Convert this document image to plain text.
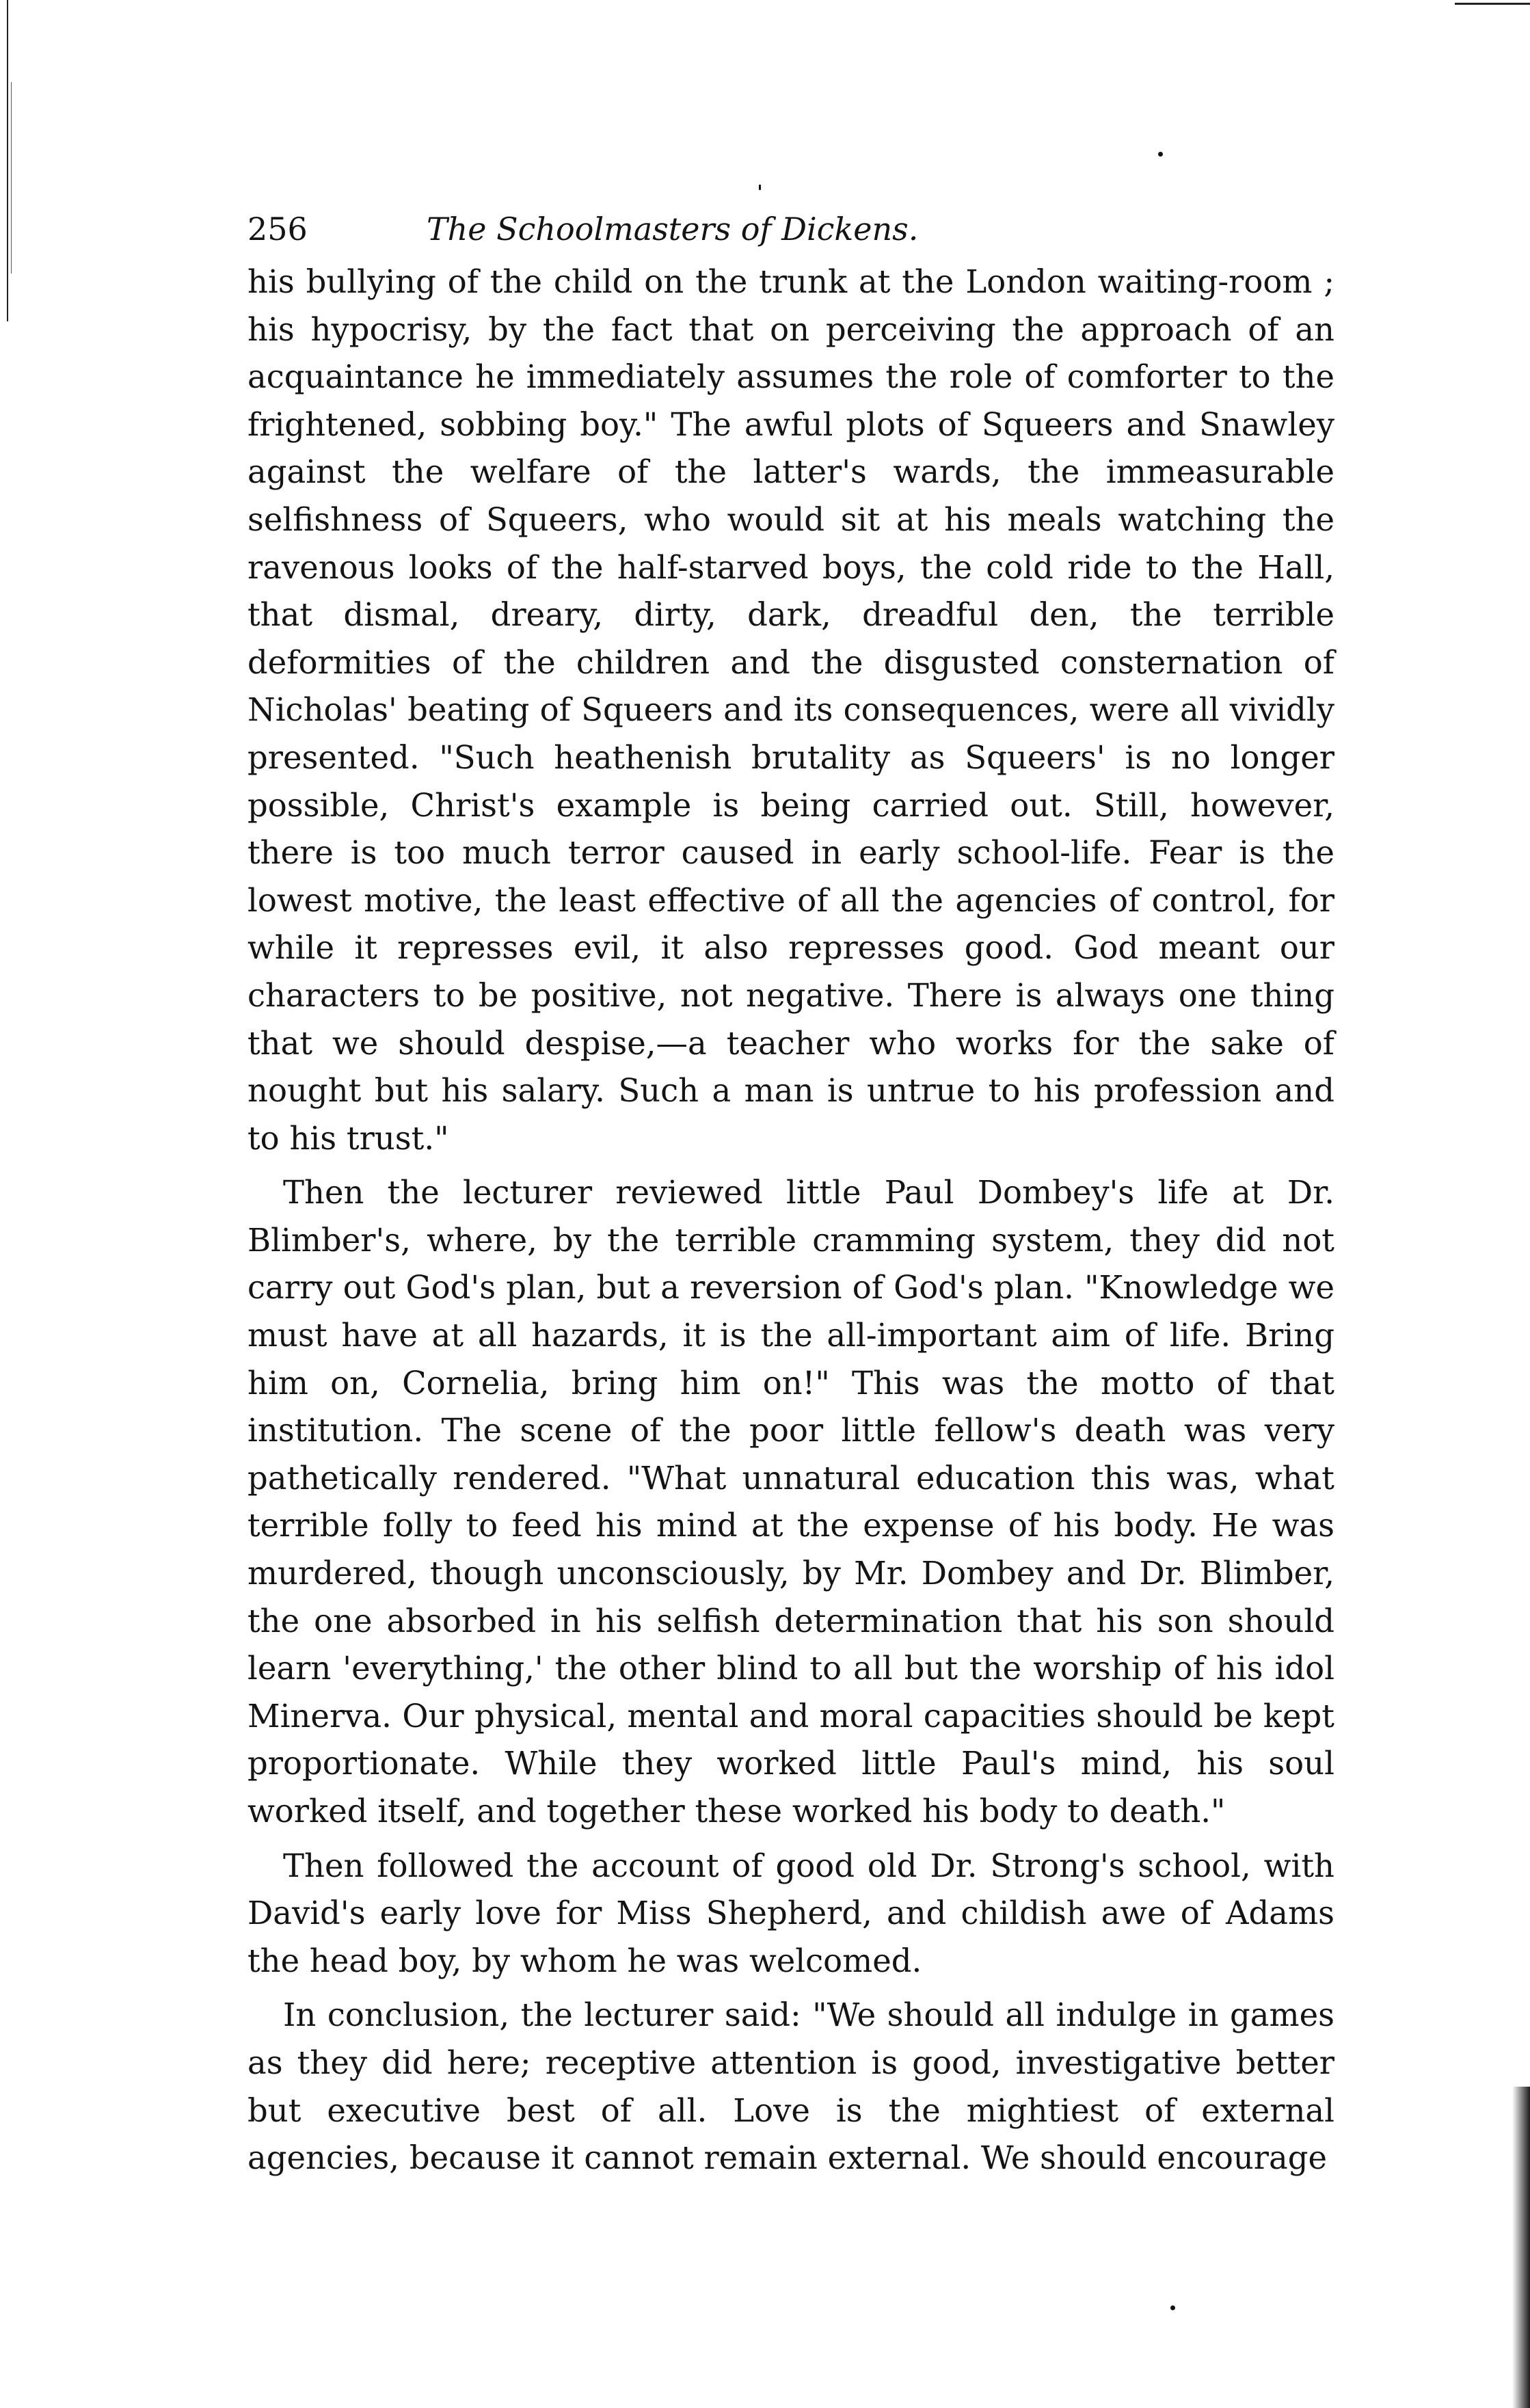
256	The Schoolmasters of Dickens.

his bullying of the child on the trunk at the London waiting-room ; his hypocrisy, by the fact that on perceiving the approach of an acquaintance he immediately assumes the role of comforter to the frightened, sobbing boy." The awful plots of Squeers and Snawley against the welfare of the latter's wards, the immeasurable selfishness of Squeers, who would sit at his meals watching the ravenous looks of the half-starved boys, the cold ride to the Hall, that dismal, dreary, dirty, dark, dreadful den, the terrible deformities of the children and the disgusted consternation of Nicholas' beating of Squeers and its consequences, were all vividly presented. "Such heathenish brutality as Squeers' is no longer possible, Christ's example is being carried out. Still, however, there is too much terror caused in early school-life. Fear is the lowest motive, the least effective of all the agencies of control, for while it represses evil, it also represses good. God meant our characters to be positive, not negative. There is always one thing that we should despise,—a teacher who works for the sake of nought but his salary. Such a man is untrue to his profession and to his trust."

Then the lecturer reviewed little Paul Dombey's life at Dr. Blimber's, where, by the terrible cramming system, they did not carry out God's plan, but a reversion of God's plan. "Knowledge we must have at all hazards, it is the all-important aim of life. Bring him on, Cornelia, bring him on!" This was the motto of that institution. The scene of the poor little fellow's death was very pathetically rendered. "What unnatural education this was, what terrible folly to feed his mind at the expense of his body. He was murdered, though unconsciously, by Mr. Dombey and Dr. Blimber, the one absorbed in his selfish determination that his son should learn 'everything,' the other blind to all but the worship of his idol Minerva. Our physical, mental and moral capacities should be kept proportionate. While they worked little Paul's mind, his soul worked itself, and together these worked his body to death."

Then followed the account of good old Dr. Strong's school, with David's early love for Miss Shepherd, and childish awe of Adams the head boy, by whom he was welcomed.

In conclusion, the lecturer said: "We should all indulge in games as they did here; receptive attention is good, investigative better but executive best of all. Love is the mightiest of external agencies, because it cannot remain external. We should encourage
